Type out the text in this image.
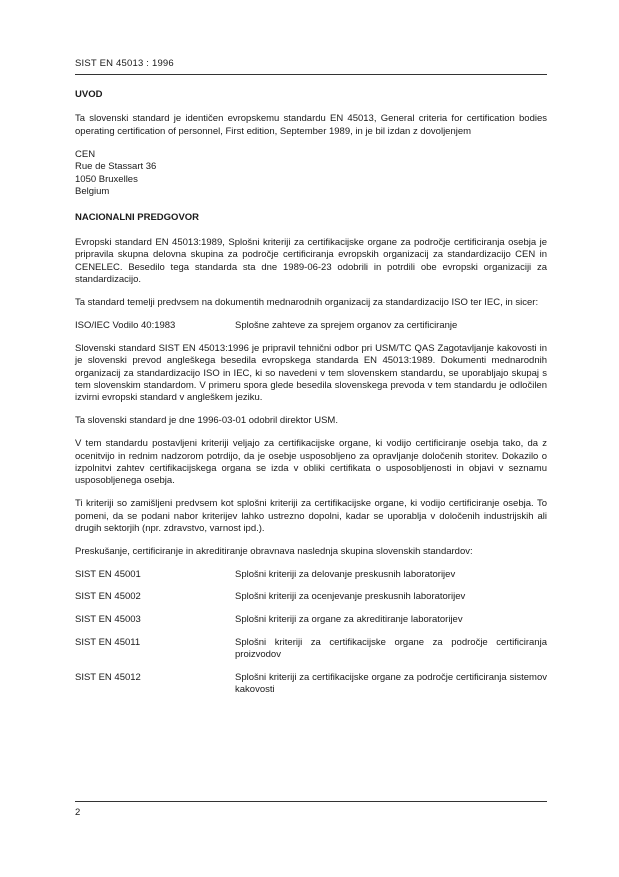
SIST EN 45013 : 1996
UVOD

Ta slovenski standard je identičen evropskemu standardu EN 45013, General criteria for certification bodies operating certification of personnel, First edition, September 1989, in je bil izdan z dovoljenjem

CEN
Rue de Stassart 36
1050 Bruxelles
Belgium
NACIONALNI PREDGOVOR

Evropski standard EN 45013:1989, Splošni kriteriji za certifikacijske organe za področje certificiranja osebja je pripravila skupna delovna skupina za področje certificiranja evropskih organizacij za standardizacijo CEN in CENELEC. Besedilo tega standarda sta dne 1989-06-23 odobrili in potrdili obe evropski organizaciji za standardizacijo.

Ta standard temelji predvsem na dokumentih mednarodnih organizacij za standardizacijo ISO ter IEC, in sicer:

ISO/IEC Vodilo 40:1983	Splošne zahteve za sprejem organov za certificiranje

Slovenski standard SIST EN 45013:1996 je pripravil tehnični odbor pri USM/TC QAS Zagotavljanje kakovosti in je slovenski prevod angleškega besedila evropskega standarda EN 45013:1989. Dokumenti mednarodnih organizacij za standardizacijo ISO in IEC, ki so navedeni v tem slovenskem standardu, se uporabljajo skupaj s tem slovenskim standardom. V primeru spora glede besedila slovenskega prevoda v tem standardu je odločilen izvirni evropski standard v angleškem jeziku.

Ta slovenski standard je dne 1996-03-01 odobril direktor USM.

V tem standardu postavljeni kriteriji veljajo za certifikacijske organe, ki vodijo certificiranje osebja tako, da z ocenitvijo in rednim nadzorom potrdijo, da je osebje usposobljeno za opravljanje določenih storitev. Dokazilo o izpolnitvi zahtev certifikacijskega organa se izda v obliki certifikata o usposobljenosti in objavi v seznamu usposobljenega osebja.

Ti kriteriji so zamišljeni predvsem kot splošni kriteriji za certifikacijske organe, ki vodijo certificiranje osebja. To pomeni, da se podani nabor kriterijev lahko ustrezno dopolni, kadar se uporablja v določenih industrijskih ali drugih sektorjih (npr. zdravstvo, varnost ipd.).

Preskušanje, certificiranje in akreditiranje obravnava naslednja skupina slovenskih standardov:

SIST EN 45001	Splošni kriteriji za delovanje preskusnih laboratorijev
SIST EN 45002	Splošni kriteriji za ocenjevanje preskusnih laboratorijev
SIST EN 45003	Splošni kriteriji za organe za akreditiranje laboratorijev
SIST EN 45011	Splošni kriteriji za certifikacijske organe za področje certificiranja proizvodov
SIST EN 45012	Splošni kriteriji za certifikacijske organe za področje certificiranja sistemov kakovosti
2
